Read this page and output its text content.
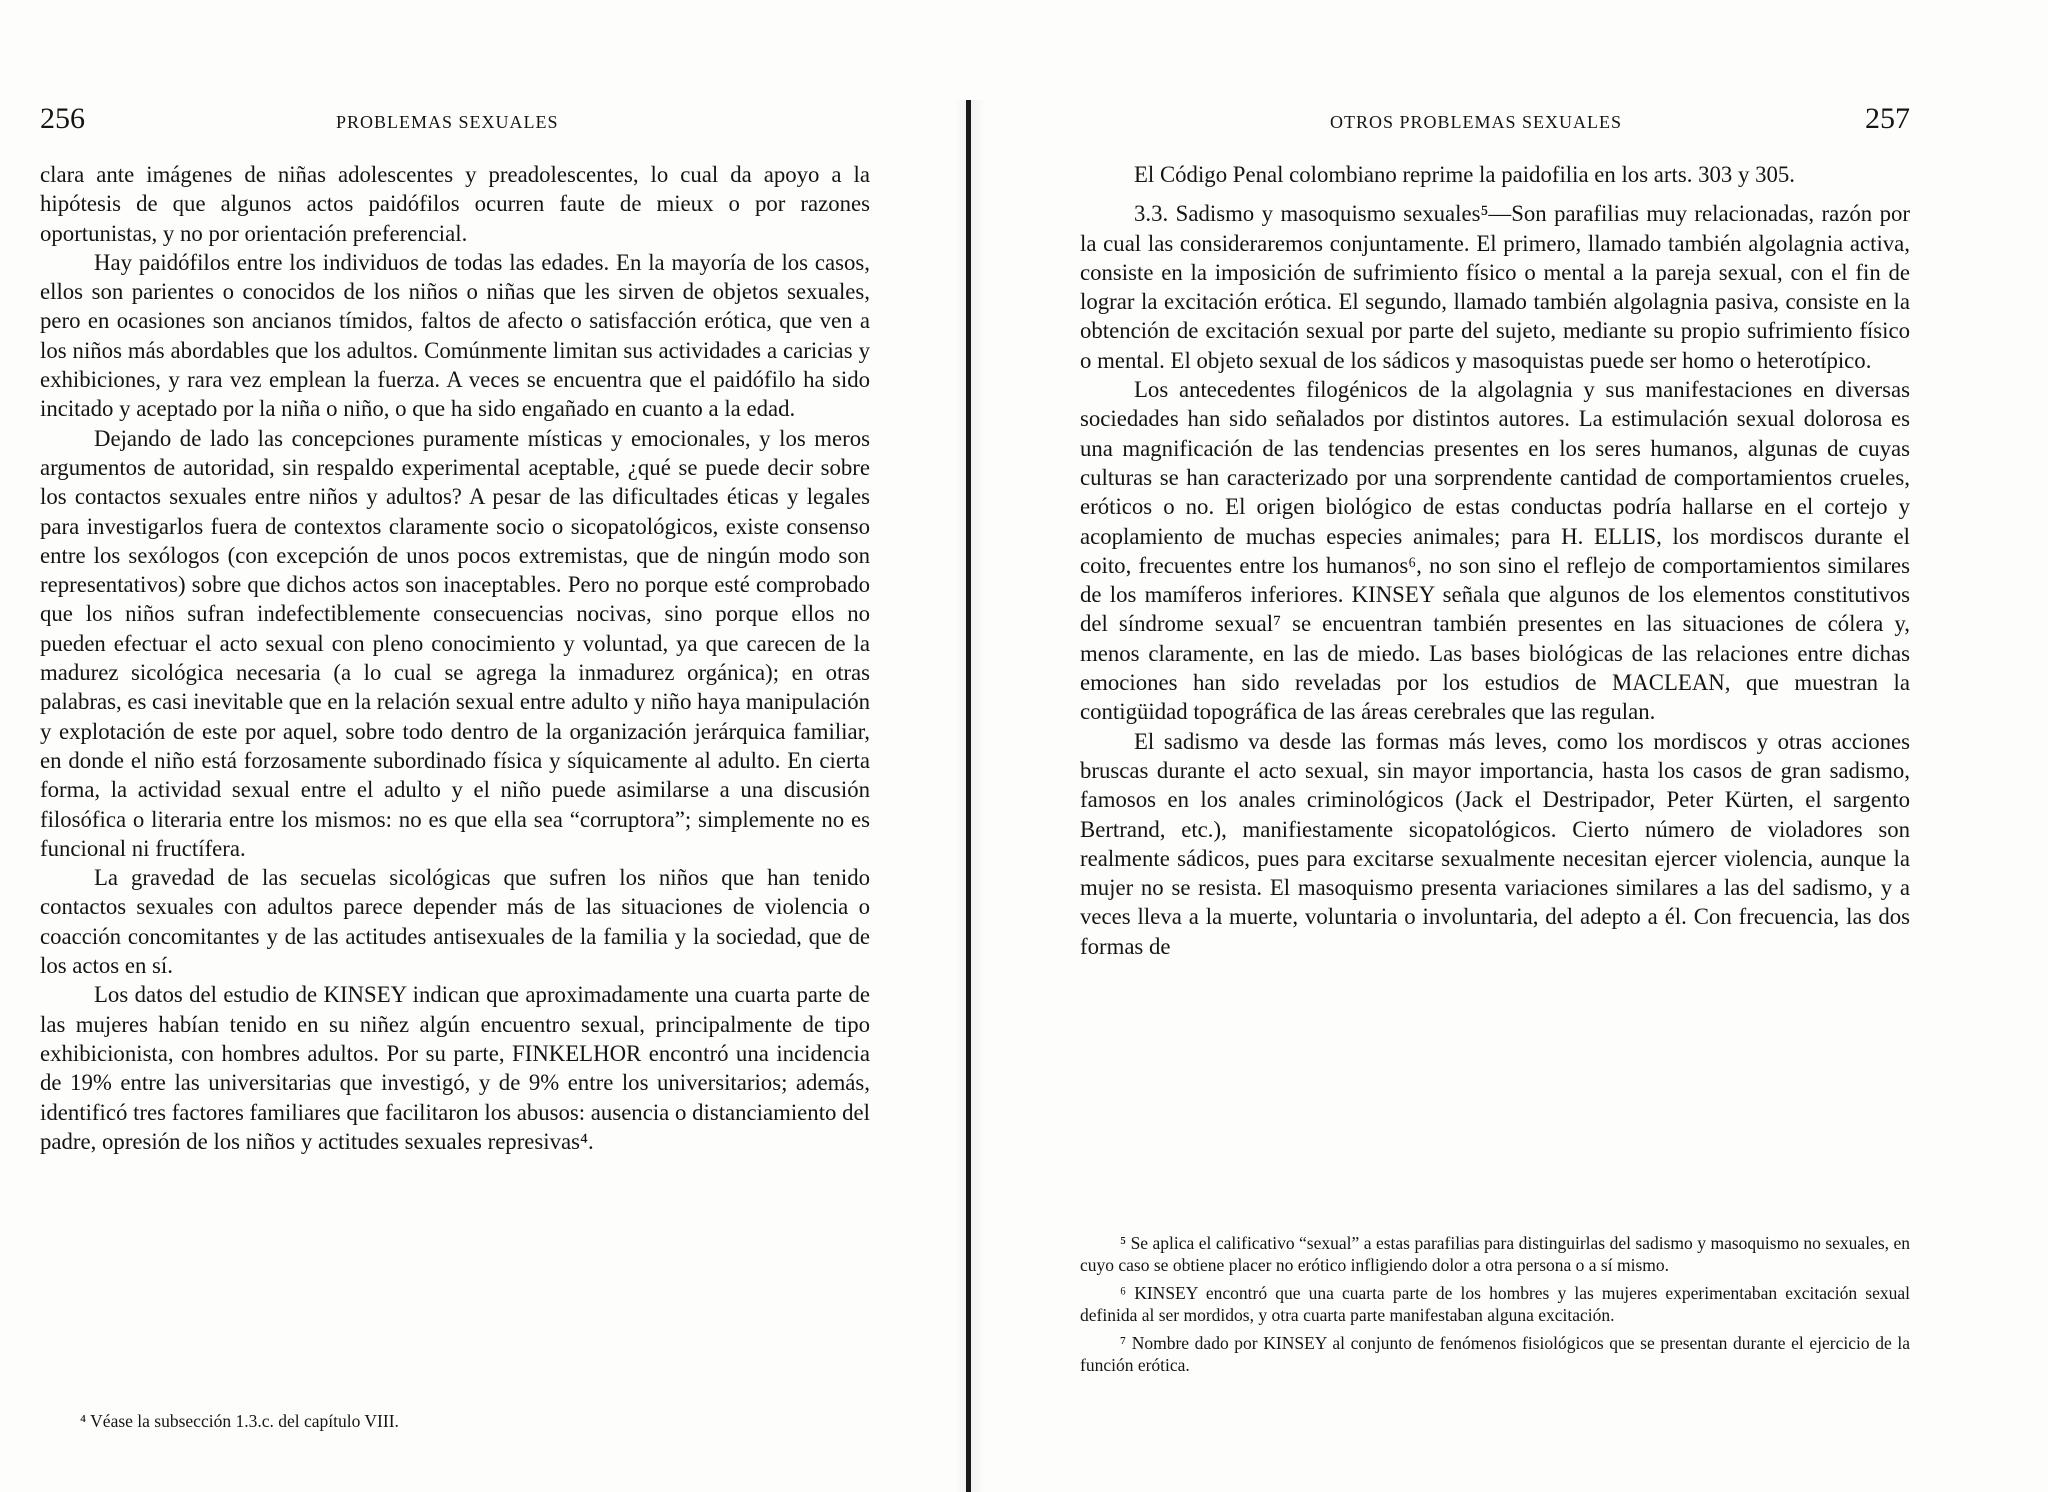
256	PROBLEMAS SEXUALES

clara ante imágenes de niñas adolescentes y preadolescentes, lo cual da apoyo a la hipótesis de que algunos actos paidófilos ocurren faute de mieux o por razones oportunistas, y no por orientación preferencial.

Hay paidófilos entre los individuos de todas las edades. En la mayoría de los casos, ellos son parientes o conocidos de los niños o niñas que les sirven de objetos sexuales, pero en ocasiones son ancianos tímidos, faltos de afecto o satisfacción erótica, que ven a los niños más abordables que los adultos. Comúnmente limitan sus actividades a caricias y exhibiciones, y rara vez emplean la fuerza. A veces se encuentra que el paidófilo ha sido incitado y aceptado por la niña o niño, o que ha sido engañado en cuanto a la edad.

Dejando de lado las concepciones puramente místicas y emocionales, y los meros argumentos de autoridad, sin respaldo experimental aceptable, ¿qué se puede decir sobre los contactos sexuales entre niños y adultos? A pesar de las dificultades éticas y legales para investigarlos fuera de contextos claramente socio o sicopatológicos, existe consenso entre los sexólogos (con excepción de unos pocos extremistas, que de ningún modo son representativos) sobre que dichos actos son inaceptables. Pero no porque esté comprobado que los niños sufran indefectiblemente consecuencias nocivas, sino porque ellos no pueden efectuar el acto sexual con pleno conocimiento y voluntad, ya que carecen de la madurez sicológica necesaria (a lo cual se agrega la inmadurez orgánica); en otras palabras, es casi inevitable que en la relación sexual entre adulto y niño haya manipulación y explotación de este por aquel, sobre todo dentro de la organización jerárquica familiar, en donde el niño está forzosamente subordinado física y síquicamente al adulto. En cierta forma, la actividad sexual entre el adulto y el niño puede asimilarse a una discusión filosófica o literaria entre los mismos: no es que ella sea “corruptora”; simplemente no es funcional ni fructífera.

La gravedad de las secuelas sicológicas que sufren los niños que han tenido contactos sexuales con adultos parece depender más de las situaciones de violencia o coacción concomitantes y de las actitudes antisexuales de la familia y la sociedad, que de los actos en sí.

Los datos del estudio de KINSEY indican que aproximadamente una cuarta parte de las mujeres habían tenido en su niñez algún encuentro sexual, principalmente de tipo exhibicionista, con hombres adultos. Por su parte, FINKELHOR encontró una incidencia de 19% entre las universitarias que investigó, y de 9% entre los universitarios; además, identificó tres factores familiares que facilitaron los abusos: ausencia o distanciamiento del padre, opresión de los niños y actitudes sexuales represivas⁴.

⁴ Véase la subsección 1.3.c. del capítulo VIII.

OTROS PROBLEMAS SEXUALES	257

El Código Penal colombiano reprime la paidofilia en los arts. 303 y 305.

3.3. Sadismo y masoquismo sexuales⁵—Son parafilias muy relacionadas, razón por la cual las consideraremos conjuntamente. El primero, llamado también algolagnia activa, consiste en la imposición de sufrimiento físico o mental a la pareja sexual, con el fin de lograr la excitación erótica. El segundo, llamado también algolagnia pasiva, consiste en la obtención de excitación sexual por parte del sujeto, mediante su propio sufrimiento físico o mental. El objeto sexual de los sádicos y masoquistas puede ser homo o heterotípico.

Los antecedentes filogénicos de la algolagnia y sus manifestaciones en diversas sociedades han sido señalados por distintos autores. La estimulación sexual dolorosa es una magnificación de las tendencias presentes en los seres humanos, algunas de cuyas culturas se han caracterizado por una sorprendente cantidad de comportamientos crueles, eróticos o no. El origen biológico de estas conductas podría hallarse en el cortejo y acoplamiento de muchas especies animales; para H. ELLIS, los mordiscos durante el coito, frecuentes entre los humanos⁶, no son sino el reflejo de comportamientos similares de los mamíferos inferiores. KINSEY señala que algunos de los elementos constitutivos del síndrome sexual⁷ se encuentran también presentes en las situaciones de cólera y, menos claramente, en las de miedo. Las bases biológicas de las relaciones entre dichas emociones han sido reveladas por los estudios de MACLEAN, que muestran la contigüidad topográfica de las áreas cerebrales que las regulan.

El sadismo va desde las formas más leves, como los mordiscos y otras acciones bruscas durante el acto sexual, sin mayor importancia, hasta los casos de gran sadismo, famosos en los anales criminológicos (Jack el Destripador, Peter Kürten, el sargento Bertrand, etc.), manifiestamente sicopatológicos. Cierto número de violadores son realmente sádicos, pues para excitarse sexualmente necesitan ejercer violencia, aunque la mujer no se resista. El masoquismo presenta variaciones similares a las del sadismo, y a veces lleva a la muerte, voluntaria o involuntaria, del adepto a él. Con frecuencia, las dos formas de

⁵ Se aplica el calificativo “sexual” a estas parafilias para distinguirlas del sadismo y masoquismo no sexuales, en cuyo caso se obtiene placer no erótico infligiendo dolor a otra persona o a sí mismo.

⁶ KINSEY encontró que una cuarta parte de los hombres y las mujeres experimentaban excitación sexual definida al ser mordidos, y otra cuarta parte manifestaban alguna excitación.

⁷ Nombre dado por KINSEY al conjunto de fenómenos fisiológicos que se presentan durante el ejercicio de la función erótica.
